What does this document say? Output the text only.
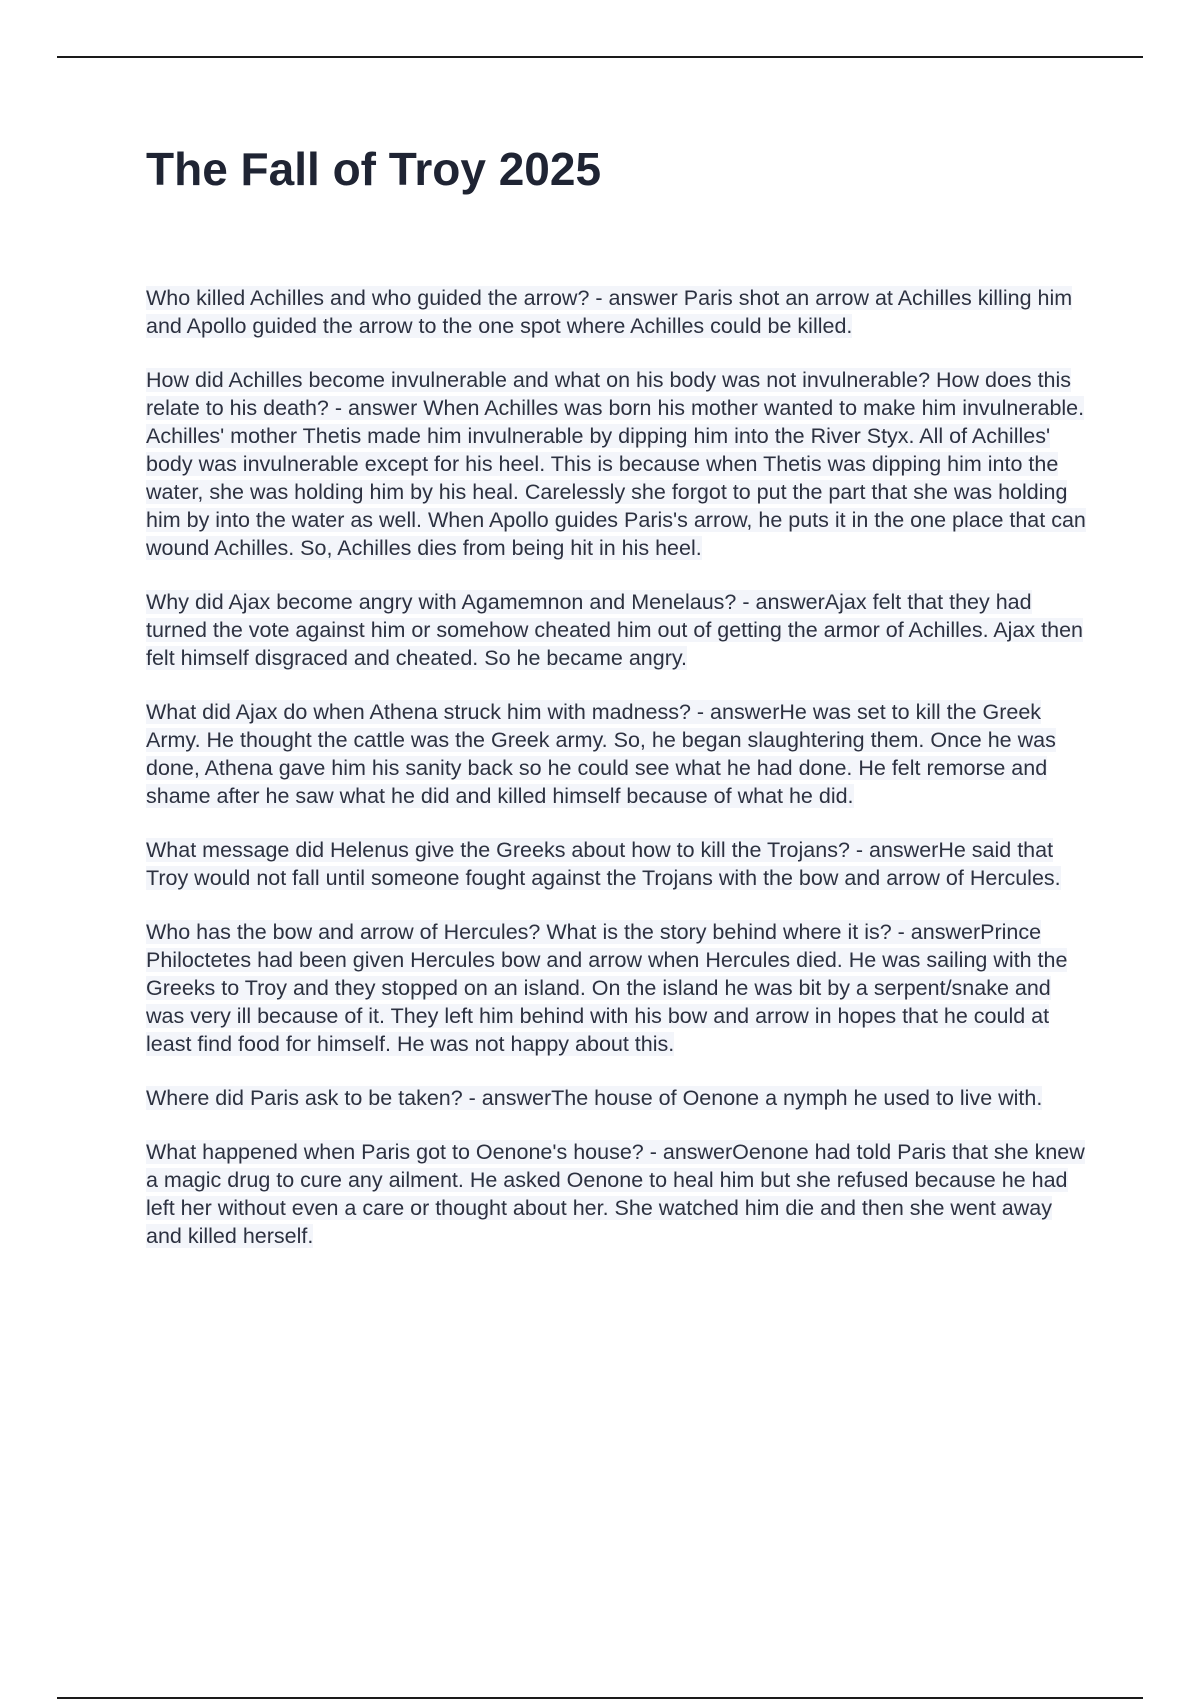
The Fall of Troy 2025

Who killed Achilles and who guided the arrow? - answer Paris shot an arrow at Achilles killing him and Apollo guided the arrow to the one spot where Achilles could be killed.

How did Achilles become invulnerable and what on his body was not invulnerable? How does this relate to his death? - answer When Achilles was born his mother wanted to make him invulnerable. Achilles' mother Thetis made him invulnerable by dipping him into the River Styx. All of Achilles' body was invulnerable except for his heel. This is because when Thetis was dipping him into the water, she was holding him by his heal. Carelessly she forgot to put the part that she was holding him by into the water as well. When Apollo guides Paris's arrow, he puts it in the one place that can wound Achilles. So, Achilles dies from being hit in his heel.

Why did Ajax become angry with Agamemnon and Menelaus? - answerAjax felt that they had turned the vote against him or somehow cheated him out of getting the armor of Achilles. Ajax then felt himself disgraced and cheated. So he became angry.

What did Ajax do when Athena struck him with madness? - answerHe was set to kill the Greek Army. He thought the cattle was the Greek army. So, he began slaughtering them. Once he was done, Athena gave him his sanity back so he could see what he had done. He felt remorse and shame after he saw what he did and killed himself because of what he did.

What message did Helenus give the Greeks about how to kill the Trojans? - answerHe said that Troy would not fall until someone fought against the Trojans with the bow and arrow of Hercules.

Who has the bow and arrow of Hercules? What is the story behind where it is? - answerPrince Philoctetes had been given Hercules bow and arrow when Hercules died. He was sailing with the Greeks to Troy and they stopped on an island. On the island he was bit by a serpent/snake and was very ill because of it. They left him behind with his bow and arrow in hopes that he could at least find food for himself. He was not happy about this.

Where did Paris ask to be taken? - answerThe house of Oenone a nymph he used to live with.

What happened when Paris got to Oenone's house? - answerOenone had told Paris that she knew a magic drug to cure any ailment. He asked Oenone to heal him but she refused because he had left her without even a care or thought about her. She watched him die and then she went away and killed herself.
